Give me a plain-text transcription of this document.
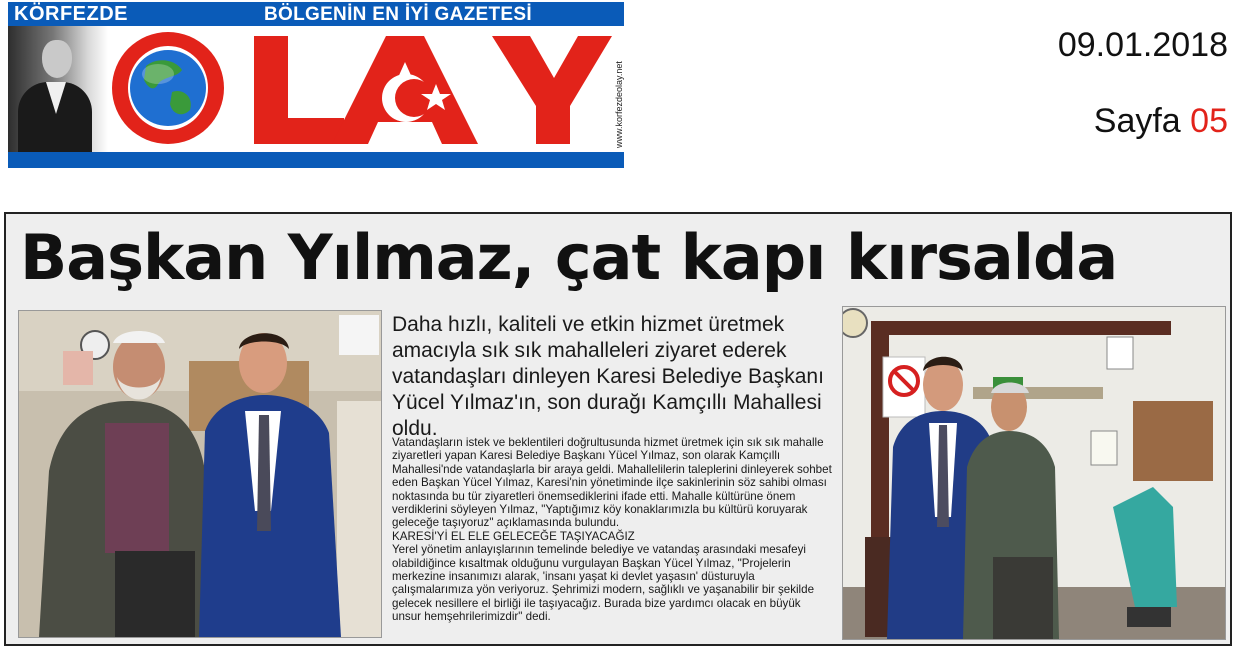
KÖRFEZDE	BÖLGENİN EN İYİ GAZETESİ
www.korfezdeolay.net
09.01.2018
Sayfa 05
Başkan Yılmaz, çat kapı kırsalda
Daha hızlı, kaliteli ve etkin hizmet üretmek amacıyla sık sık mahalleleri ziyaret ederek vatandaşları dinleyen Karesi Belediye Başkanı Yücel Yılmaz'ın, son durağı Kamçıllı Mahallesi oldu.

Vatandaşların istek ve beklentileri doğrultusunda hizmet üretmek için sık sık mahalle ziyaretleri yapan Karesi Belediye Başkanı Yücel Yılmaz, son olarak Kamçıllı Mahallesi'nde vatandaşlarla bir araya geldi. Mahallelilerin taleplerini dinleyerek sohbet eden Başkan Yücel Yılmaz, Karesi'nin yönetiminde ilçe sakinlerinin söz sahibi olması noktasında bu tür ziyaretleri önemsediklerini ifade etti. Mahalle kültürüne önem verdiklerini söyleyen Yılmaz, "Yaptığımız köy konaklarımızla bu kültürü koruyarak geleceğe taşıyoruz" açıklamasında bulundu.

KARESİ'Yİ EL ELE GELECEĞE TAŞIYACAĞIZ

Yerel yönetim anlayışlarının temelinde belediye ve vatandaş arasındaki mesafeyi olabildiğince kısaltmak olduğunu vurgulayan Başkan Yücel Yılmaz, "Projelerin merkezine insanımızı alarak, 'insanı yaşat ki devlet yaşasın' düsturuyla çalışmalarımıza yön veriyoruz. Şehrimizi modern, sağlıklı ve yaşanabilir bir şekilde gelecek nesillere el birliği ile taşıyacağız. Burada bize yardımcı olacak en büyük unsur hemşehrilerimizdir" dedi.
